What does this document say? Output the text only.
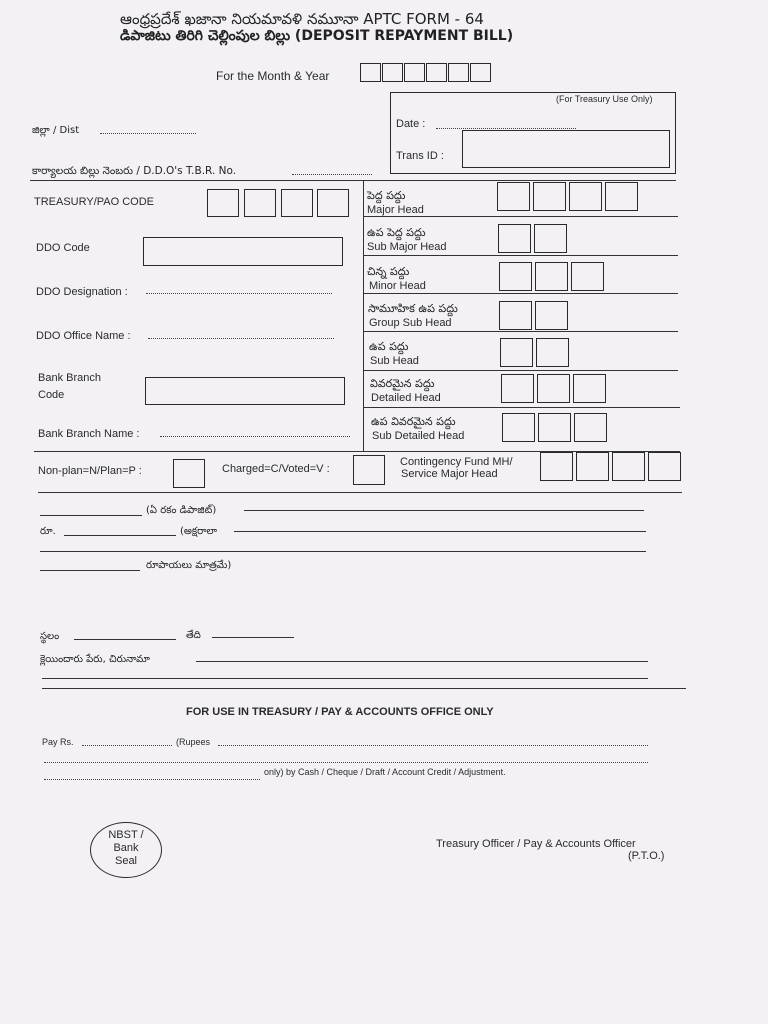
ఆంధ్రప్రదేశ్ ఖజానా నియమావళి నమూనా APTC FORM - 64
డిపాజిటు తిరిగి చెల్లింపుల బిల్లు (DEPOSIT REPAYMENT BILL)
For the Month & Year
(For Treasury Use Only)
Date :
Trans ID :
జిల్లా / Dist
కార్యాలయ బిల్లు నెంబరు / D.D.O's T.B.R. No.
TREASURY/PAO CODE
DDO Code
DDO Designation :
DDO Office Name :
Bank Branch
Code
Bank Branch Name :
పెద్ద పద్దు
Major Head
ఉప పెద్ద పద్దు
Sub Major Head
చిన్న పద్దు
Minor Head
సామూహిక ఉప పద్దు
Group Sub Head
ఉప పద్దు
Sub Head
వివరమైన పద్దు
Detailed Head
ఉప వివరమైన పద్దు
Sub Detailed Head
Non-plan=N/Plan=P :	Charged=C/Voted=V :
Contingency Fund MH/
Service Major Head
(ఏ రకం డిపాజిట్)
రూ.	(అక్షరాలా
రూపాయలు మాత్రమే)
స్థలం	తేది
క్లెయిందారు పేరు, చిరునామా
FOR USE IN TREASURY / PAY & ACCOUNTS OFFICE ONLY
Pay Rs.	(Rupees
only) by Cash / Cheque / Draft / Account Credit / Adjustment.
NBST /
Bank
Seal
Treasury Officer / Pay & Accounts Officer
(P.T.O.)
